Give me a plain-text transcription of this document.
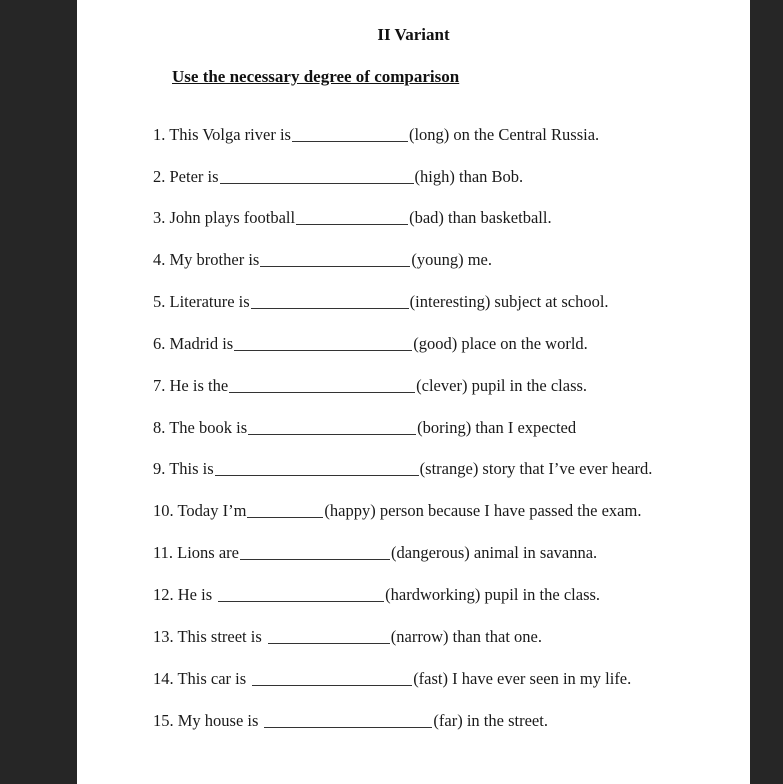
II Variant
Use the necessary degree of comparison
1. This Volga river is	(long) on the Central Russia.
2. Peter is	(high) than Bob.
3. John plays football	(bad) than basketball.
4. My brother is	(young) me.
5. Literature is	(interesting) subject at school.
6. Madrid is	(good) place on the world.
7. He is the	(clever) pupil in the class.
8. The book is	(boring) than I expected
9. This is	(strange) story that I’ve ever heard.
10. Today I’m	(happy) person because I have passed the exam.
11. Lions are	(dangerous) animal in savanna.
12. He is	(hardworking) pupil in the class.
13. This street is	(narrow) than that one.
14. This car is	(fast) I have ever seen in my life.
15. My house is	(far) in the street.
